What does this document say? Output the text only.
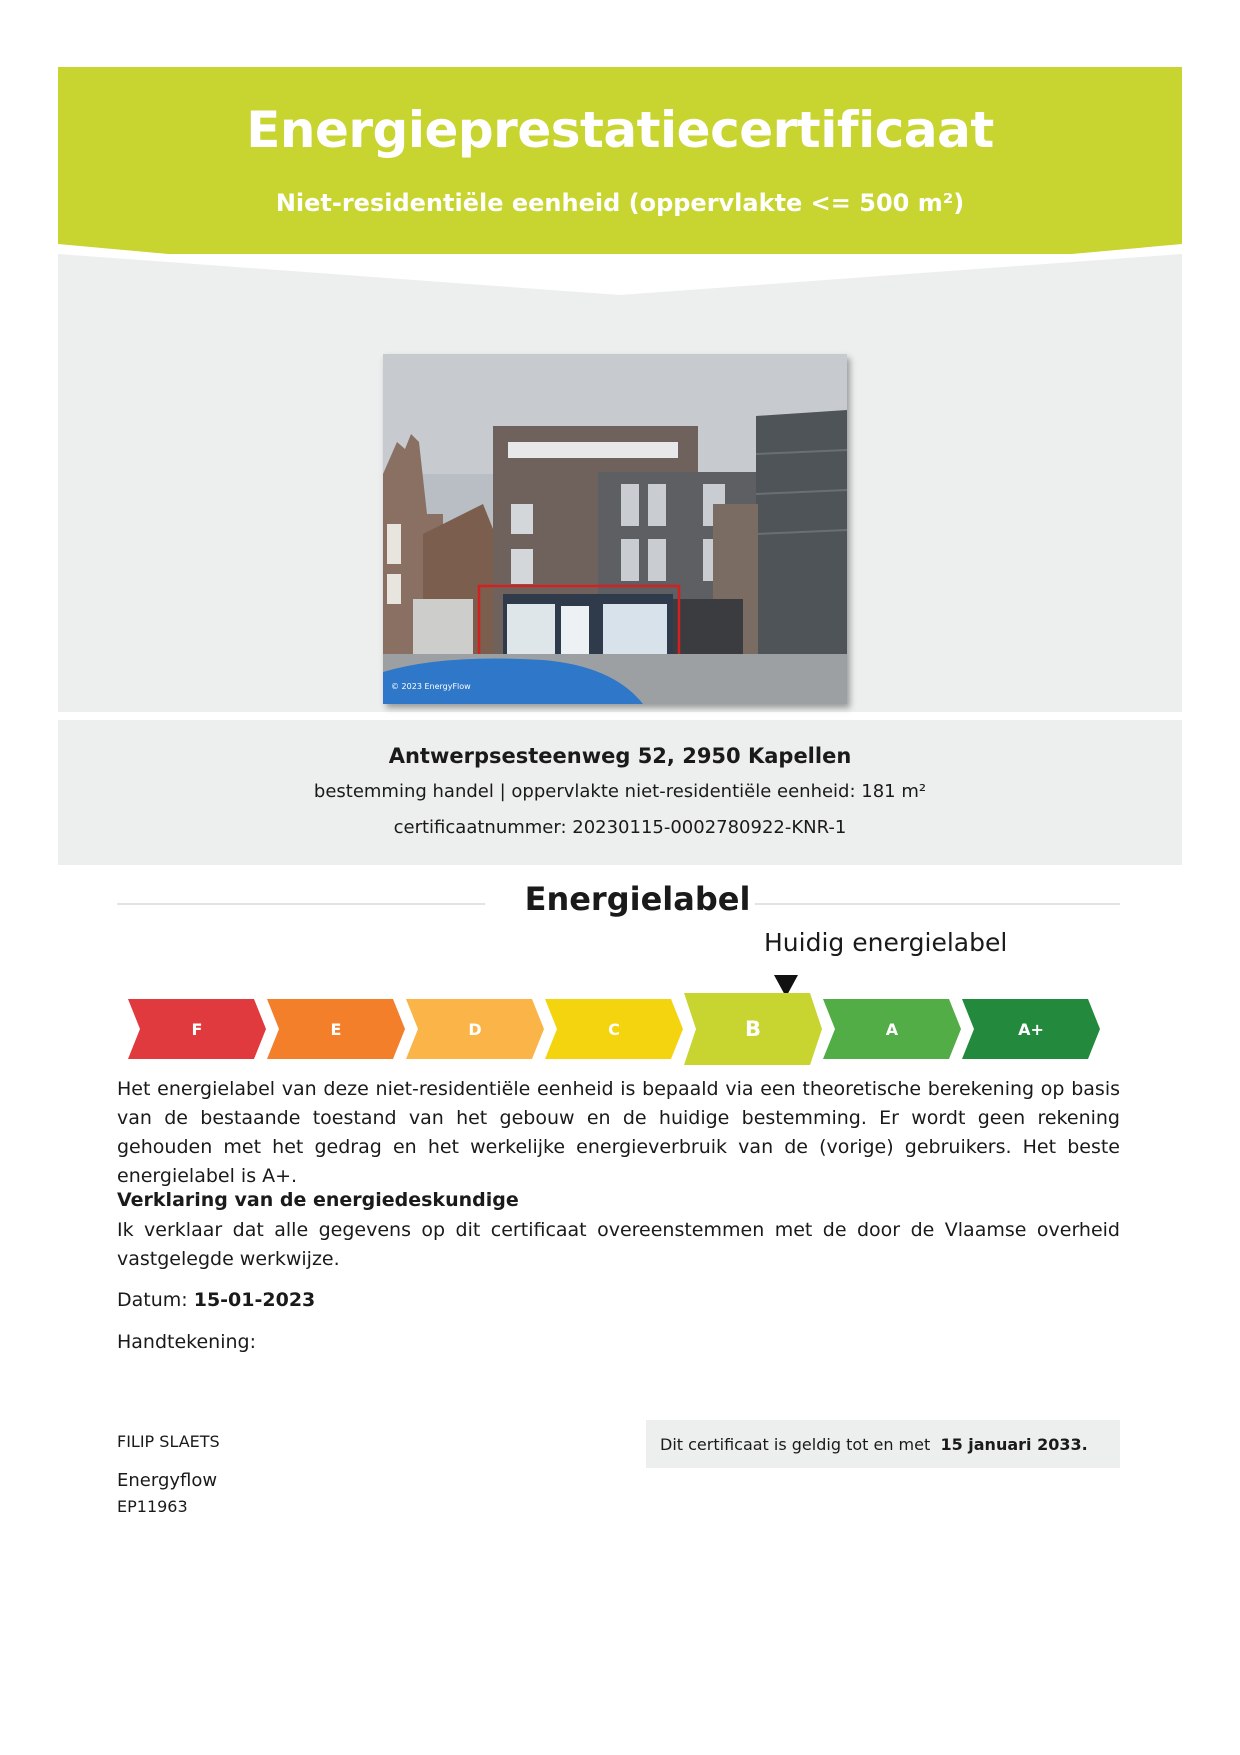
Energieprestatiecertificaat
Niet-residentiële eenheid (oppervlakte <= 500 m²)
© 2023 EnergyFlow
Antwerpsesteenweg 52, 2950 Kapellen
bestemming handel | oppervlakte niet-residentiële eenheid: 181 m²
certificaatnummer: 20230115-0002780922-KNR-1
Energielabel
Huidig energielabel
F	E	D	C	B	A	A+
Het energielabel van deze niet-residentiële eenheid is bepaald via een theoretische berekening op basis van de bestaande toestand van het gebouw en de huidige bestemming. Er wordt geen rekening gehouden met het gedrag en het werkelijke energieverbruik van de (vorige) gebruikers. Het beste energielabel is A+.
Verklaring van de energiedeskundige
Ik verklaar dat alle gegevens op dit certificaat overeenstemmen met de door de Vlaamse overheid vastgelegde werkwijze.
Datum: 15-01-2023
Handtekening:
FILIP SLAETS
Energyflow
EP11963
Dit certificaat is geldig tot en met
15 januari 2033 .
